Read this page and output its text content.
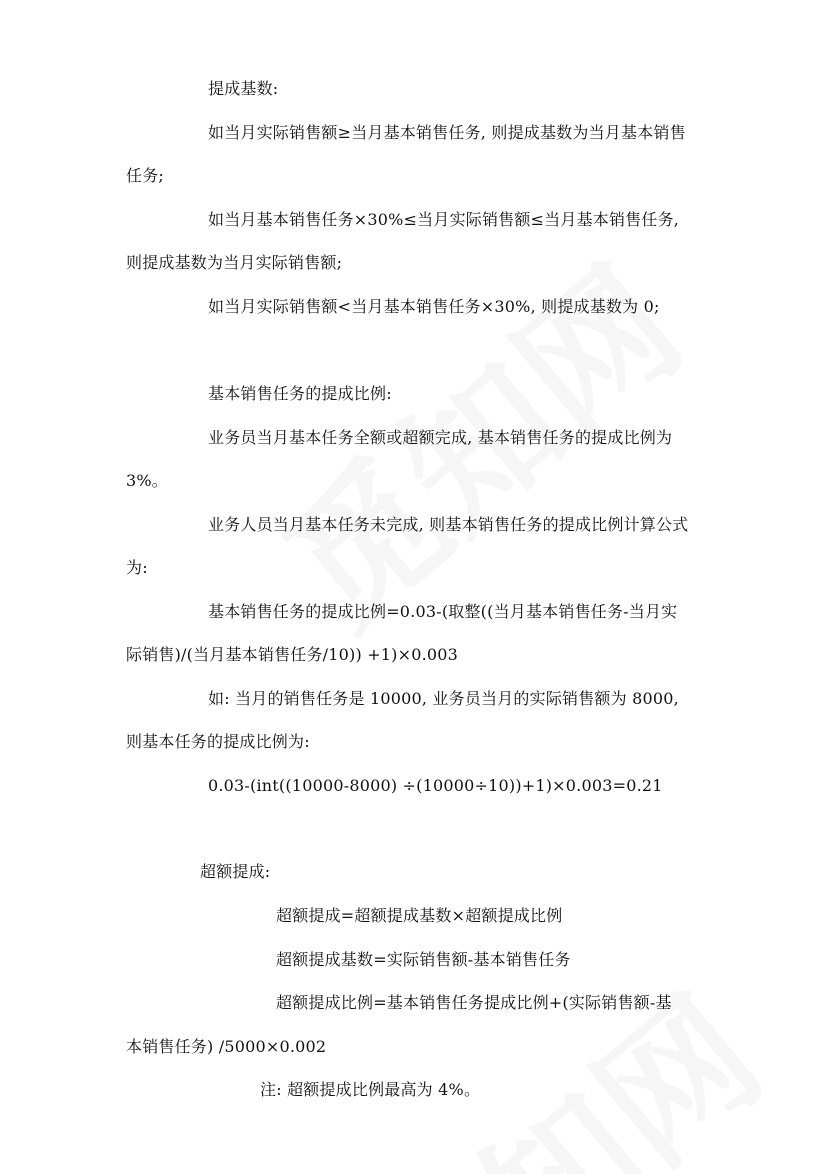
提成基数:
如当月实际销售额≥当月基本销售任务, 则提成基数为当月基本销售
任务;
如当月基本销售任务×30%≤当月实际销售额≤当月基本销售任务,
则提成基数为当月实际销售额;
如当月实际销售额<当月基本销售任务×30%, 则提成基数为 0;
基本销售任务的提成比例:
业务员当月基本任务全额或超额完成, 基本销售任务的提成比例为
3%。
业务人员当月基本任务未完成, 则基本销售任务的提成比例计算公式
为:
基本销售任务的提成比例=0.03-(取整((当月基本销售任务-当月实
际销售)/(当月基本销售任务/10)) +1)×0.003
如: 当月的销售任务是 10000, 业务员当月的实际销售额为 8000,
则基本任务的提成比例为:
0.03-(int((10000-8000) ÷(10000÷10))+1)×0.003=0.21
超额提成:
超额提成=超额提成基数×超额提成比例
超额提成基数=实际销售额-基本销售任务
超额提成比例=基本销售任务提成比例+(实际销售额-基
本销售任务) /5000×0.002
注: 超额提成比例最高为 4%。
